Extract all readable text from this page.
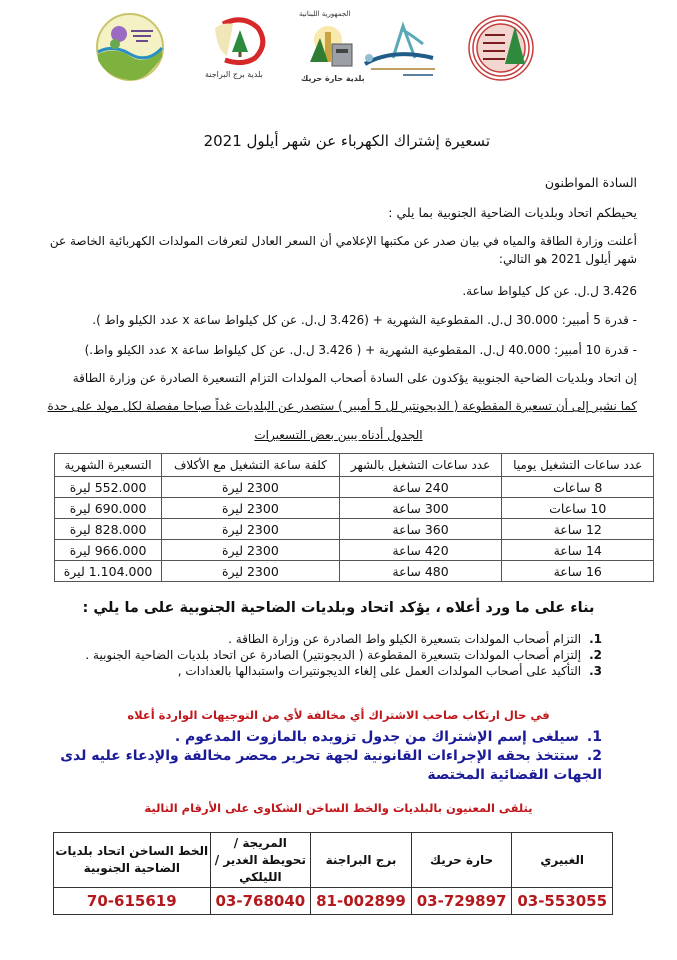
بلدية برج البراجنة
الجمهورية اللبنانية
بلدية حارة حريك
تسعيرة إشتراك الكهرباء عن شهر أيلول 2021
السادة المواطنون
يحيطكم اتحاد وبلديات الضاحية الجنوبية بما يلي :
أعلنت وزارة الطاقة والمياه في بيان صدر عن مكتبها الإعلامي أن السعر العادل لتعرفات المولدات الكهربائية الخاصة عن
شهر أيلول 2021 هو التالي:
3.426 ل.ل. عن كل كيلواط ساعة.
- قدرة 5 أمبير: 30.000 ل.ل. المقطوعية الشهرية + (3.426 ل.ل. عن كل كيلواط ساعة x عدد الكيلو واط ).
- قدرة 10 أمبير: 40.000 ل.ل. المقطوعية الشهرية + ( 3.426 ل.ل. عن كل كيلواط ساعة x عدد الكيلو واط.)
إن اتحاد وبلديات الضاحية الجنوبية يؤكدون على السادة أصحاب المولدات التزام التسعيرة الصادرة عن وزارة الطاقة
كما نشير إلى أن تسعيرة المقطوعة ( الديجونتير لل 5 أمبير ) ستصدر عن البلديات غداً صباحا مفصلة لكل مولد على حدة
الجدول أدناه يبين بعض التسعيرات
عدد ساعات التشغيل يوميا	عدد ساعات التشغيل بالشهر	كلفة ساعة التشغيل مع الأكلاف	التسعيرة الشهرية
8 ساعات	240 ساعة	2300 ليرة	552.000 ليرة
10 ساعات	300 ساعة	2300 ليرة	690.000 ليرة
12 ساعة	360 ساعة	2300 ليرة	828.000 ليرة
14 ساعة	420 ساعة	2300 ليرة	966.000 ليرة
16 ساعة	480 ساعة	2300 ليرة	1.104.000 ليرة
بناء على ما ورد أعلاه ، يؤكد اتحاد وبلديات الضاحية الجنوبية على ما يلي :
1.التزام أصحاب المولدات بتسعيرة الكيلو واط الصادرة عن وزارة الطاقة .
2.إلتزام أصحاب المولدات بتسعيرة المقطوعة ( الديجونتير) الصادرة عن اتحاد بلديات الضاحية الجنوبية .
3.التأكيد على أصحاب المولدات العمل على إلغاء الديجونتيرات واستبدالها بالعدادات ,
في حال ارتكاب صاحب الاشتراك أي مخالفة لأي من التوجيهات الواردة أعلاه
1.سيلغى إسم الإشتراك من جدول تزويده بالمازوت المدعوم .
2.ستتخذ بحقه الإجراءات القانونية لجهة تحرير محضر مخالفة والإدعاء عليه لدى الجهات القضائية المختصة
يتلقى المعنيون بالبلديات والخط الساخن الشكاوى على الأرقام التالية
الغبيري	حارة حريك	برج البراجنة	المريجة / تحويطة الغدير / الليلكي	الخط الساخن اتحاد بلديات الضاحية الجنوبية
03-553055	03-729897	81-002899	03-768040	70-615619
